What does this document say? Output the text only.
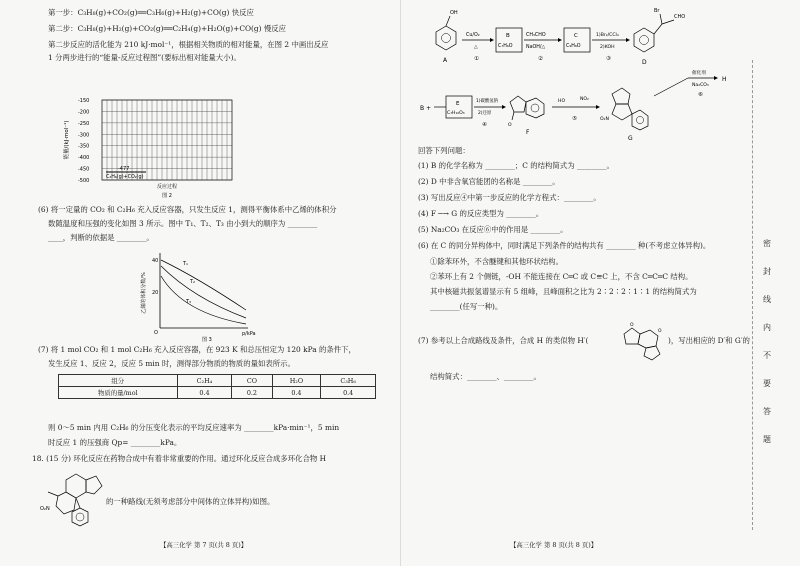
第一步：C₃H₈(g)+CO₂(g)══C₃H₆(g)+H₂(g)+CO(g) 快反应
第二步：C₃H₈(g)+H₂(g)+CO₂(g)══C₂H₄(g)+H₂O(g)+CO(g) 慢反应
第二步反应的活化能为 210 kJ·mol⁻¹，根据相关物质的相对能量，在图 2 中画出反应
1 分两步进行的“能量-反应过程图”(要标出相对能量大小)。
能量/(kJ·mol⁻¹)
-150
-200
-250
-300
-350
-400
-450
-500
-477
C₂H₆(g)+CO₂(g)
反应过程
图 2
(6) 将一定量的 CO₂ 和 C₂H₆ 充入反应容器，只发生反应 1，测得平衡体系中乙烯的体积分
数随温度和压强的变化如图 3 所示。图中 T₁、T₂、T₃ 由小到大的顺序为 ________
____，判断的依据是 ________。
乙烯的体积分数/%
40
20
O
T₁
T₂
T₃
p/kPa
图 3
(7) 将 1 mol CO₂ 和 1 mol C₂H₆ 充入反应容器，在 923 K 和总压恒定为 120 kPa 的条件下，
发生反应 1、反应 2，反应 5 min 时，测得部分物质的物质的量如表所示。
组分	C₂H₄	CO	H₂O	C₃H₆
物质的量/mol	0.4	0.2	0.4	0.4
则 0～5 min 内用 C₂H₆ 的分压变化表示的平均反应速率为 ________kPa·min⁻¹，5 min
时反应 1 的压强商 Qp= ________kPa。
18. (15 分) 环化反应在药物合成中有着非常重要的作用。通过环化反应合成多环化合物 H
O₂N
的一种路线(无须考虑部分中间体的立体异构)如图。
【高三化学 第 7 页(共 8 页)】
OH
A
Cu/O₂
△
①
B
C₇H₆O
CH₃CHO
NaOH/△
②
C
C₉H₈O
1)Br₂/CCl₄
2)KOH
③
Br
CHO
D
B +
E
C₇H₁₀O₃
1)碳酸氢钠
2)还原
④	O
F
HO	NO₂
⑤	O₂N
G
催化剂
Na₂CO₃
⑥
H
回答下列问题：
(1) B 的化学名称为 ________；C 的结构简式为 ________。
(2) D 中非含氧官能团的名称是 ________。
(3) 写出反应④中第一步反应的化学方程式：________。
(4) F ─→ G 的反应类型为 ________。
(5) Na₂CO₃ 在反应⑥中的作用是 ________。
(6) 在 C 的同分异构体中，同时满足下列条件的结构共有 ________ 种(不考虑立体异构)。
①除苯环外，不含醚键和其他环状结构。
②苯环上有 2 个侧链，-OH 不能连接在 C═C 或 C≡C 上，不含 C═C═C 结构。
其中核磁共振氢谱显示有 5 组峰，且峰面积之比为 2∶2∶2∶1∶1 的结构简式为
________(任写一种)。
(7) 参考以上合成路线及条件，合成 H 的类似物 H′(
O
O
)，写出相应的 D′和 G′的
结构简式：________、________。
【高三化学 第 8 页(共 8 页)】
密
封
线
内
不
要
答
题
